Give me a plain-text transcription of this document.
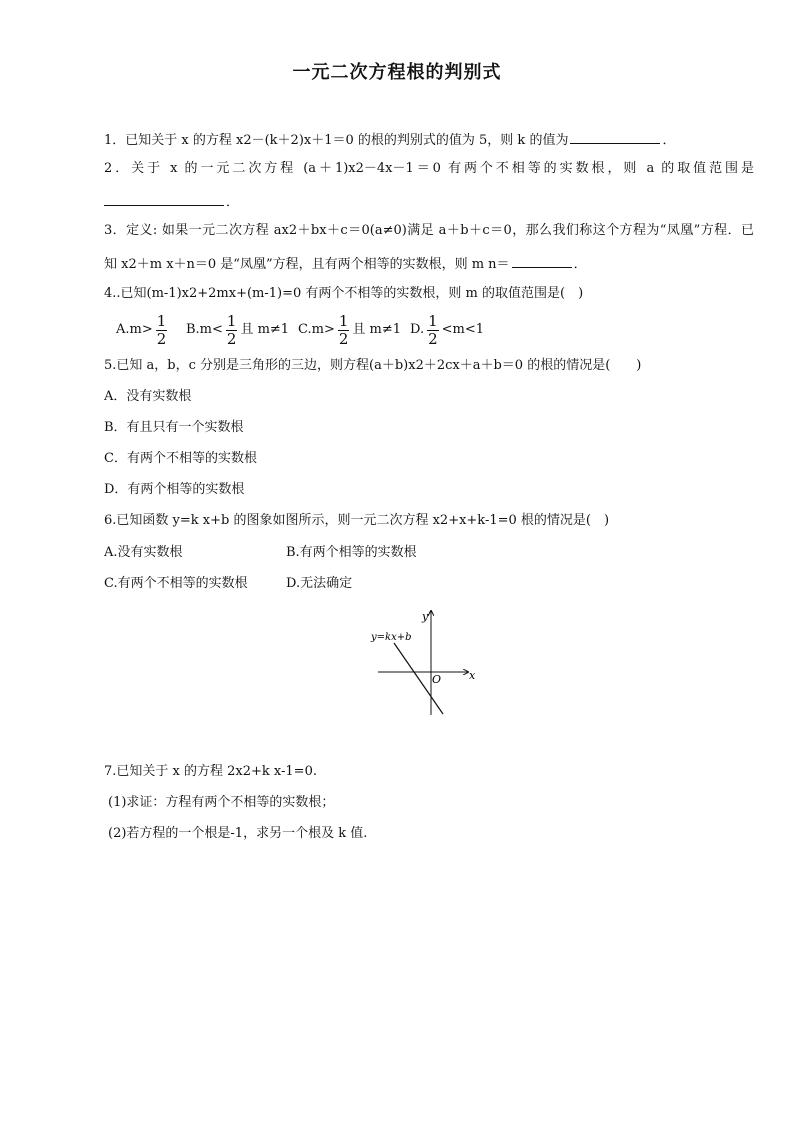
一元二次方程根的判别式
1．已知关于 x 的方程 x2－(k＋2)x＋1＝0 的根的判别式的值为 5，则 k 的值为	．
2．关于 x 的一元二次方程 (a＋1)x2－4x－1＝0 有两个不相等的实数根，则 a 的取值范围是
．
3．定义: 如果一元二次方程 ax2＋bx＋c＝0(a≠0)满足 a＋b＋c＝0，那么我们称这个方程为“凤凰”方程．已
知 x2＋m x＋n＝0 是“凤凰”方程，且有两个相等的实数根，则 m n＝	．
4..已知(m-1)x2+2mx+(m-1)=0 有两个不相等的实数根，则 m 的取值范围是(　)
$A.m> \frac{1}{2} B.m< \frac{1}{2}$ 且 m≠1 $C.m> \frac{1}{2}$ 且 m≠1 D. $\frac{1}{2} <m<1$
5.已知 a，b，c 分别是三角形的三边，则方程(a＋b)x2＋2cx＋a＋b＝0 的根的情况是(　　)
A．没有实数根
B．有且只有一个实数根
C．有两个不相等的实数根
D．有两个相等的实数根
6.已知函数 y=k x+b 的图象如图所示，则一元二次方程 x2+x+k-1=0 根的情况是(　)
A.没有实数根	B.有两个相等的实数根
C.有两个不相等的实数根	D.无法确定
y=kx+b
y
x
O
7.已知关于 x 的方程 2x2+k x-1=0.
(1)求证：方程有两个不相等的实数根；
(2)若方程的一个根是-1，求另一个根及 k 值.
